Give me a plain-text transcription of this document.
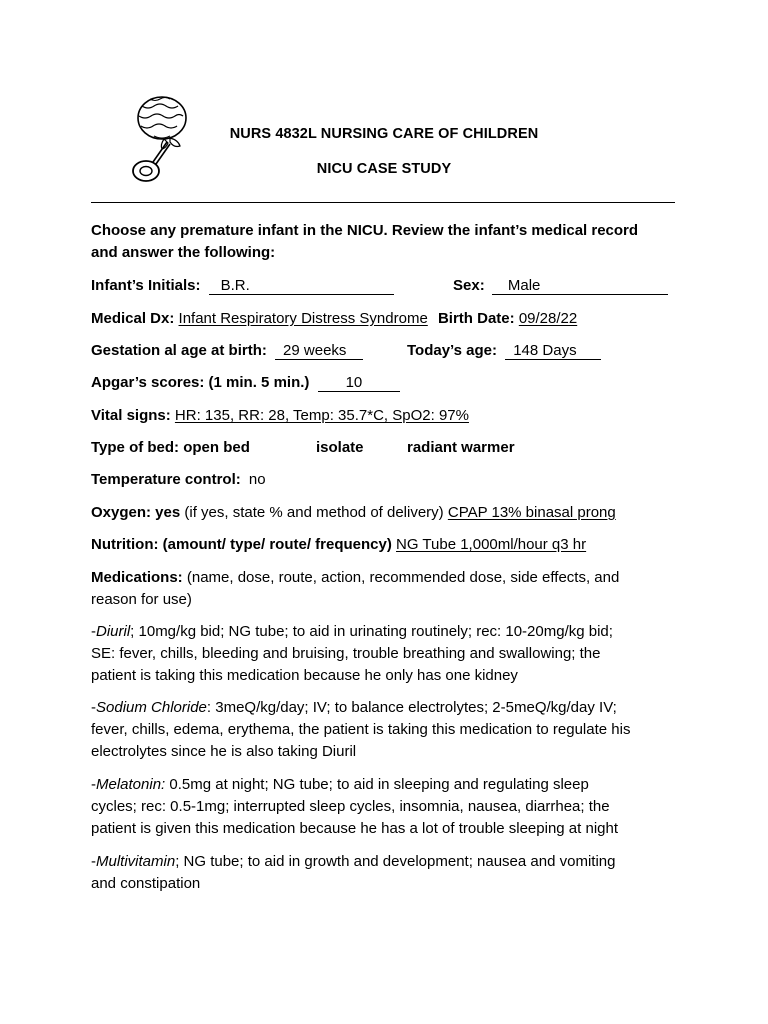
NURS 4832L NURSING CARE OF CHILDREN
NICU CASE STUDY
Choose any premature infant in the NICU. Review the infant’s medical record
and answer the following:
Infant’s Initials: B.R.	Sex: Male
Medical Dx: Infant Respiratory Distress Syndrome Birth Date: 09/28/22
Gestation al age at birth: 29 weeks	Today’s age: 148 Days
Apgar’s scores: (1 min. 5 min.) 10
Vital signs: HR: 135, RR: 28, Temp: 35.7*C, SpO2: 97%
Type of bed: open bed	isolate	radiant warmer
Temperature control: no
Oxygen: yes (if yes, state % and method of delivery) CPAP 13% binasal prong
Nutrition: (amount/ type/ route/ frequency) NG Tube 1,000ml/hour q3 hr
Medications: (name, dose, route, action, recommended dose, side effects, and
reason for use)
-Diuril; 10mg/kg bid; NG tube; to aid in urinating routinely; rec: 10-20mg/kg bid;
SE: fever, chills, bleeding and bruising, trouble breathing and swallowing; the
patient is taking this medication because he only has one kidney
-Sodium Chloride: 3meQ/kg/day; IV; to balance electrolytes; 2-5meQ/kg/day IV;
fever, chills, edema, erythema, the patient is taking this medication to regulate his
electrolytes since he is also taking Diuril
-Melatonin: 0.5mg at night; NG tube; to aid in sleeping and regulating sleep
cycles; rec: 0.5-1mg; interrupted sleep cycles, insomnia, nausea, diarrhea; the
patient is given this medication because he has a lot of trouble sleeping at night
-Multivitamin; NG tube; to aid in growth and development; nausea and vomiting
and constipation
